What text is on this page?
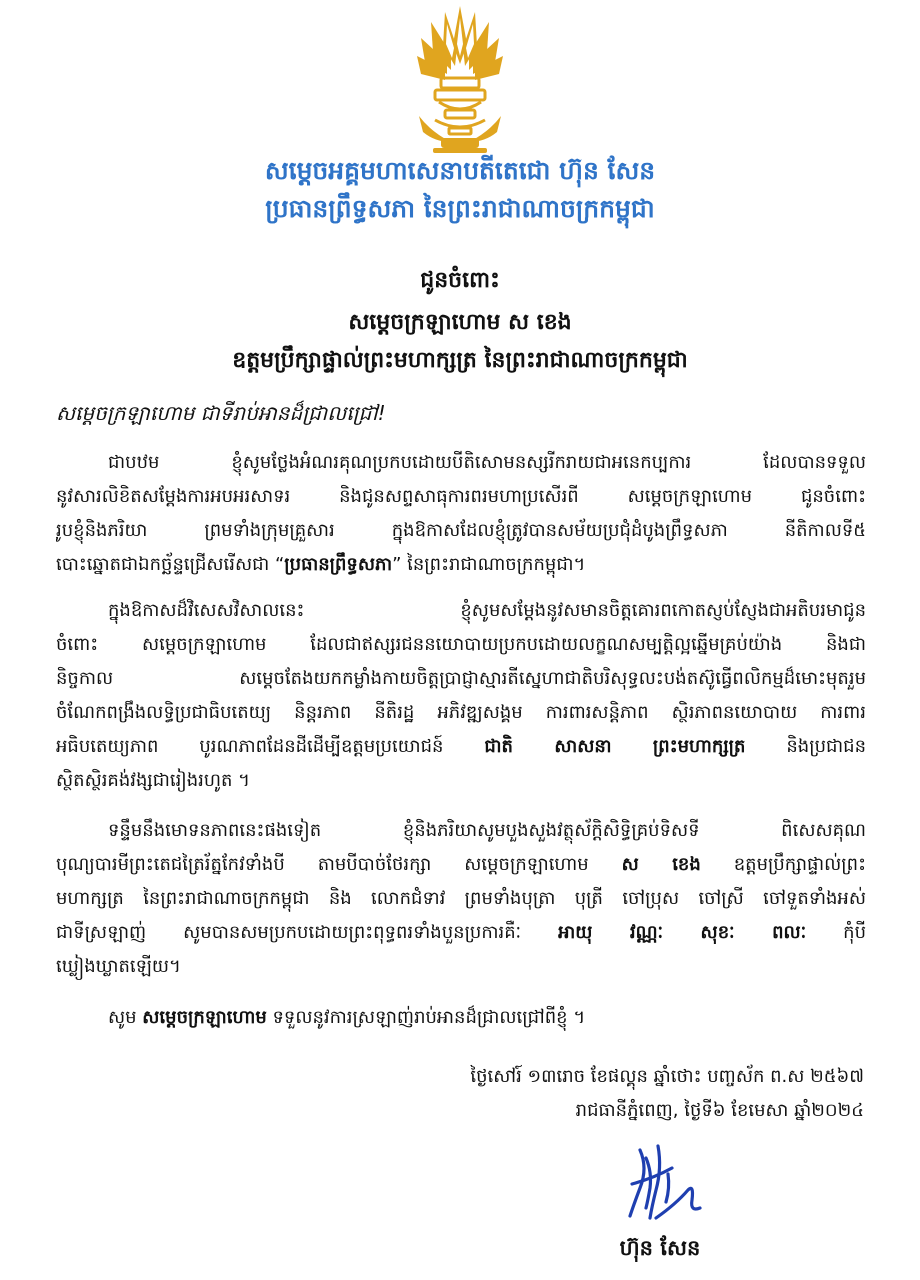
សម្តេចអគ្គមហាសេនាបតីតេជោ ហ៊ុន សែន
ប្រធានព្រឹទ្ធសភា នៃព្រះរាជាណាចក្រកម្ពុជា
ជូនចំពោះ
សម្តេចក្រឡាហោម ស ខេង
ឧត្តមប្រឹក្សាផ្ទាល់ព្រះមហាក្សត្រ នៃព្រះរាជាណាចក្រកម្ពុជា
សម្តេចក្រឡាហោម ជាទីរាប់អានដ៏ជ្រាលជ្រៅ!
ជាបឋម ខ្ញុំសូមថ្លែងអំណរគុណប្រកបដោយបីតិសោមនស្សរីករាយជាអនេកប្បការ ដែលបានទទួល
នូវសារលិខិតសម្តែងការអបអរសាទរ និងជូនសព្ទសាធុការពរមហាប្រសើរពី សម្តេចក្រឡាហោម ជូនចំពោះ
រូបខ្ញុំនិងភរិយា ព្រមទាំងក្រុមគ្រួសារ ក្នុងឱកាសដែលខ្ញុំត្រូវបានសម័យប្រជុំដំបូងព្រឹទ្ធសភា នីតិកាលទី៥
បោះឆ្នោតជាឯកច្ឆ័ន្ទជ្រើសរើសជា “ប្រធានព្រឹទ្ធសភា” នៃព្រះរាជាណាចក្រកម្ពុជា។
ក្នុងឱកាសដ៏វិសេសវិសាលនេះ ខ្ញុំសូមសម្តែងនូវសមានចិត្តគោរពកោតស្ញប់ស្ញែងជាអតិបរមាជូន
ចំពោះ សម្តេចក្រឡាហោម ដែលជាឥស្សរជននយោបាយប្រកបដោយលក្ខណសម្បត្តិល្អឆ្នើមគ្រប់យ៉ាង និងជា
និច្ចកាល សម្តេចតែងយកកម្លាំងកាយចិត្តប្រាជ្ញាស្មារតីស្នេហាជាតិបរិសុទ្ធលះបង់តស៊ូធ្វើពលិកម្មដ៏មោះមុតរួម
ចំណែកពង្រឹងលទ្ធិប្រជាធិបតេយ្យ និន្តរភាព នីតិរដ្ឋ អភិវឌ្ឍសង្គម ការពារសន្តិភាព ស្ថិរភាពនយោបាយ ការពារ
អធិបតេយ្យភាព បូរណភាពដែនដីដើម្បីឧត្តមប្រយោជន៍ ជាតិ សាសនា ព្រះមហាក្សត្រ និងប្រជាជន
ស្ថិតស្ថិរគង់វង្សជារៀងរហូត ។
ទន្ទឹមនឹងមោទនភាពនេះផងទៀត ខ្ញុំនិងភរិយាសូមបួងសួងវត្ថុស័ក្តិសិទ្ធិគ្រប់ទិសទី ពិសេសគុណ
បុណ្យបារមីព្រះតេជត្រៃរ័ត្នកែវទាំងបី តាមបីបាច់ថែរក្សា សម្តេចក្រឡាហោម ស ខេង ឧត្តមប្រឹក្សាផ្ទាល់ព្រះ
មហាក្សត្រ នៃព្រះរាជាណាចក្រកម្ពុជា និង លោកជំទាវ ព្រមទាំងបុត្រា បុត្រី ចៅប្រុស ចៅស្រី ចៅទួតទាំងអស់
ជាទីស្រឡាញ់ សូមបានសមប្រកបដោយព្រះពុទ្ធពរទាំងបួនប្រការគឺៈ អាយុ វណ្ណៈ សុខៈ ពលៈ កុំបី
ឃ្លៀងឃ្លាតឡើយ។
សូម សម្តេចក្រឡាហោម ទទួលនូវការស្រឡាញ់រាប់អានដ៏ជ្រាលជ្រៅពីខ្ញុំ ។
ថ្ងៃសៅរ៍ ១៣រោច ខែផល្គុន ឆ្នាំថោះ បញ្ចស័ក ព.ស ២៥៦៧
រាជធានីភ្នំពេញ, ថ្ងៃទី៦ ខែមេសា ឆ្នាំ២០២៤
ហ៊ុន សែន
